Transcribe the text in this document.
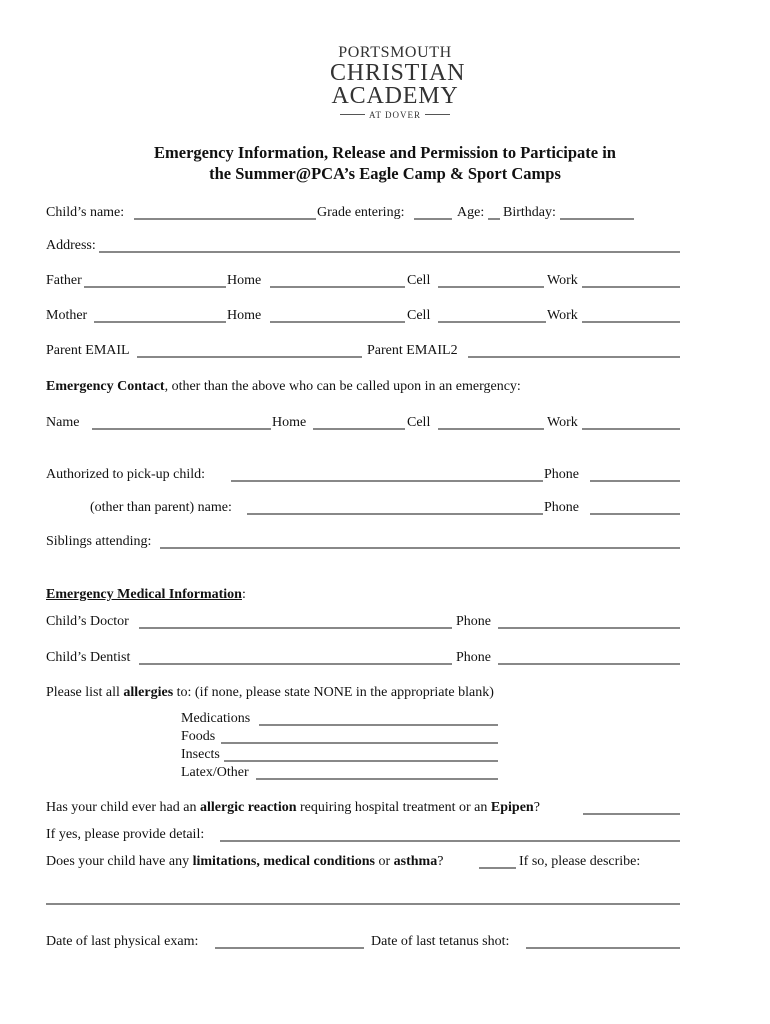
PORTSMOUTH
CHRISTIAN
ACADEMY
AT DOVER
Emergency Information, Release and Permission to Participate in
the Summer@PCA’s Eagle Camp & Sport Camps
Child’s name:	Grade entering:	Age: Birthday:
Address:
Father	Home	Cell	Work
Mother	Home	Cell	Work
Parent EMAIL	Parent EMAIL2
Emergency Contact, other than the above who can be called upon in an emergency:
Name	Home	Cell	Work
Authorized to pick-up child:	Phone
(other than parent) name:	Phone
Siblings attending:
Emergency Medical Information:
Child’s Doctor	Phone
Child’s Dentist	Phone
Please list all allergies to: (if none, please state NONE in the appropriate blank)
Medications
Foods
Insects
Latex/Other
Has your child ever had an allergic reaction requiring hospital treatment or an Epipen?
If yes, please provide detail:
Does your child have any limitations, medical conditions or asthma?	If so, please describe:
Date of last physical exam:	Date of last tetanus shot:
